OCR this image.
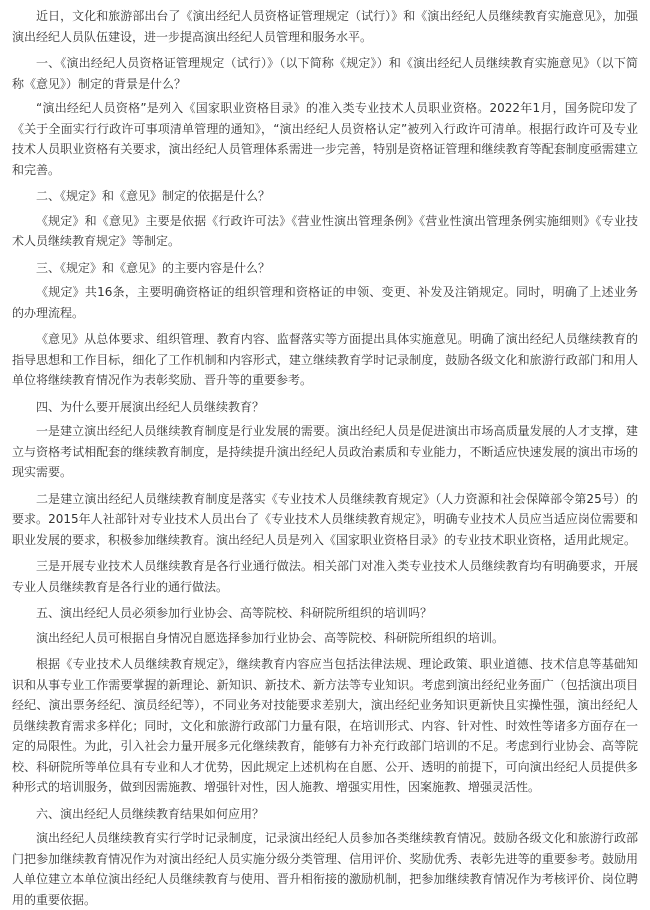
近日，文化和旅游部出台了《演出经纪人员资格证管理规定（试行）》和《演出经纪人员继续教育实施意见》，加强演出经纪人员队伍建设，进一步提高演出经纪人员管理和服务水平。

一、《演出经纪人员资格证管理规定（试行）》（以下简称《规定》）和《演出经纪人员继续教育实施意见》（以下简称《意见》）制定的背景是什么？

“演出经纪人员资格”是列入《国家职业资格目录》的准入类专业技术人员职业资格。2022年1月，国务院印发了《关于全面实行行政许可事项清单管理的通知》，“演出经纪人员资格认定”被列入行政许可清单。根据行政许可及专业技术人员职业资格有关要求，演出经纪人员管理体系需进一步完善，特别是资格证管理和继续教育等配套制度亟需建立和完善。

二、《规定》和《意见》制定的依据是什么？

《规定》和《意见》主要是依据《行政许可法》《营业性演出管理条例》《营业性演出管理条例实施细则》《专业技术人员继续教育规定》等制定。

三、《规定》和《意见》的主要内容是什么？

《规定》共16条，主要明确资格证的组织管理和资格证的申领、变更、补发及注销规定。同时，明确了上述业务的办理流程。

《意见》从总体要求、组织管理、教育内容、监督落实等方面提出具体实施意见。明确了演出经纪人员继续教育的指导思想和工作目标，细化了工作机制和内容形式，建立继续教育学时记录制度，鼓励各级文化和旅游行政部门和用人单位将继续教育情况作为表彰奖励、晋升等的重要参考。

四、为什么要开展演出经纪人员继续教育？

一是建立演出经纪人员继续教育制度是行业发展的需要。演出经纪人员是促进演出市场高质量发展的人才支撑，建立与资格考试相配套的继续教育制度，是持续提升演出经纪人员政治素质和专业能力，不断适应快速发展的演出市场的现实需要。

二是建立演出经纪人员继续教育制度是落实《专业技术人员继续教育规定》（人力资源和社会保障部令第25号）的要求。2015年人社部针对专业技术人员出台了《专业技术人员继续教育规定》，明确专业技术人员应当适应岗位需要和职业发展的要求，积极参加继续教育。演出经纪人员是列入《国家职业资格目录》的专业技术职业资格，适用此规定。

三是开展专业技术人员继续教育是各行业通行做法。相关部门对准入类专业技术人员继续教育均有明确要求，开展专业人员继续教育是各行业的通行做法。

五、演出经纪人员必须参加行业协会、高等院校、科研院所组织的培训吗？

演出经纪人员可根据自身情况自愿选择参加行业协会、高等院校、科研院所组织的培训。

根据《专业技术人员继续教育规定》，继续教育内容应当包括法律法规、理论政策、职业道德、技术信息等基础知识和从事专业工作需要掌握的新理论、新知识、新技术、新方法等专业知识。考虑到演出经纪业务面广（包括演出项目经纪、演出票务经纪、演员经纪等），不同业务对技能要求差别大，演出经纪业务知识更新快且实操性强，演出经纪人员继续教育需求多样化；同时，文化和旅游行政部门力量有限，在培训形式、内容、针对性、时效性等诸多方面存在一定的局限性。为此，引入社会力量开展多元化继续教育，能够有力补充行政部门培训的不足。考虑到行业协会、高等院校、科研院所等单位具有专业和人才优势，因此规定上述机构在自愿、公开、透明的前提下，可向演出经纪人员提供多种形式的培训服务，做到因需施教、增强针对性，因人施教、增强实用性，因案施教、增强灵活性。

六、演出经纪人员继续教育结果如何应用？

演出经纪人员继续教育实行学时记录制度，记录演出经纪人员参加各类继续教育情况。鼓励各级文化和旅游行政部门把参加继续教育情况作为对演出经纪人员实施分级分类管理、信用评价、奖励优秀、表彰先进等的重要参考。鼓励用人单位建立本单位演出经纪人员继续教育与使用、晋升相衔接的激励机制，把参加继续教育情况作为考核评价、岗位聘用的重要依据。
